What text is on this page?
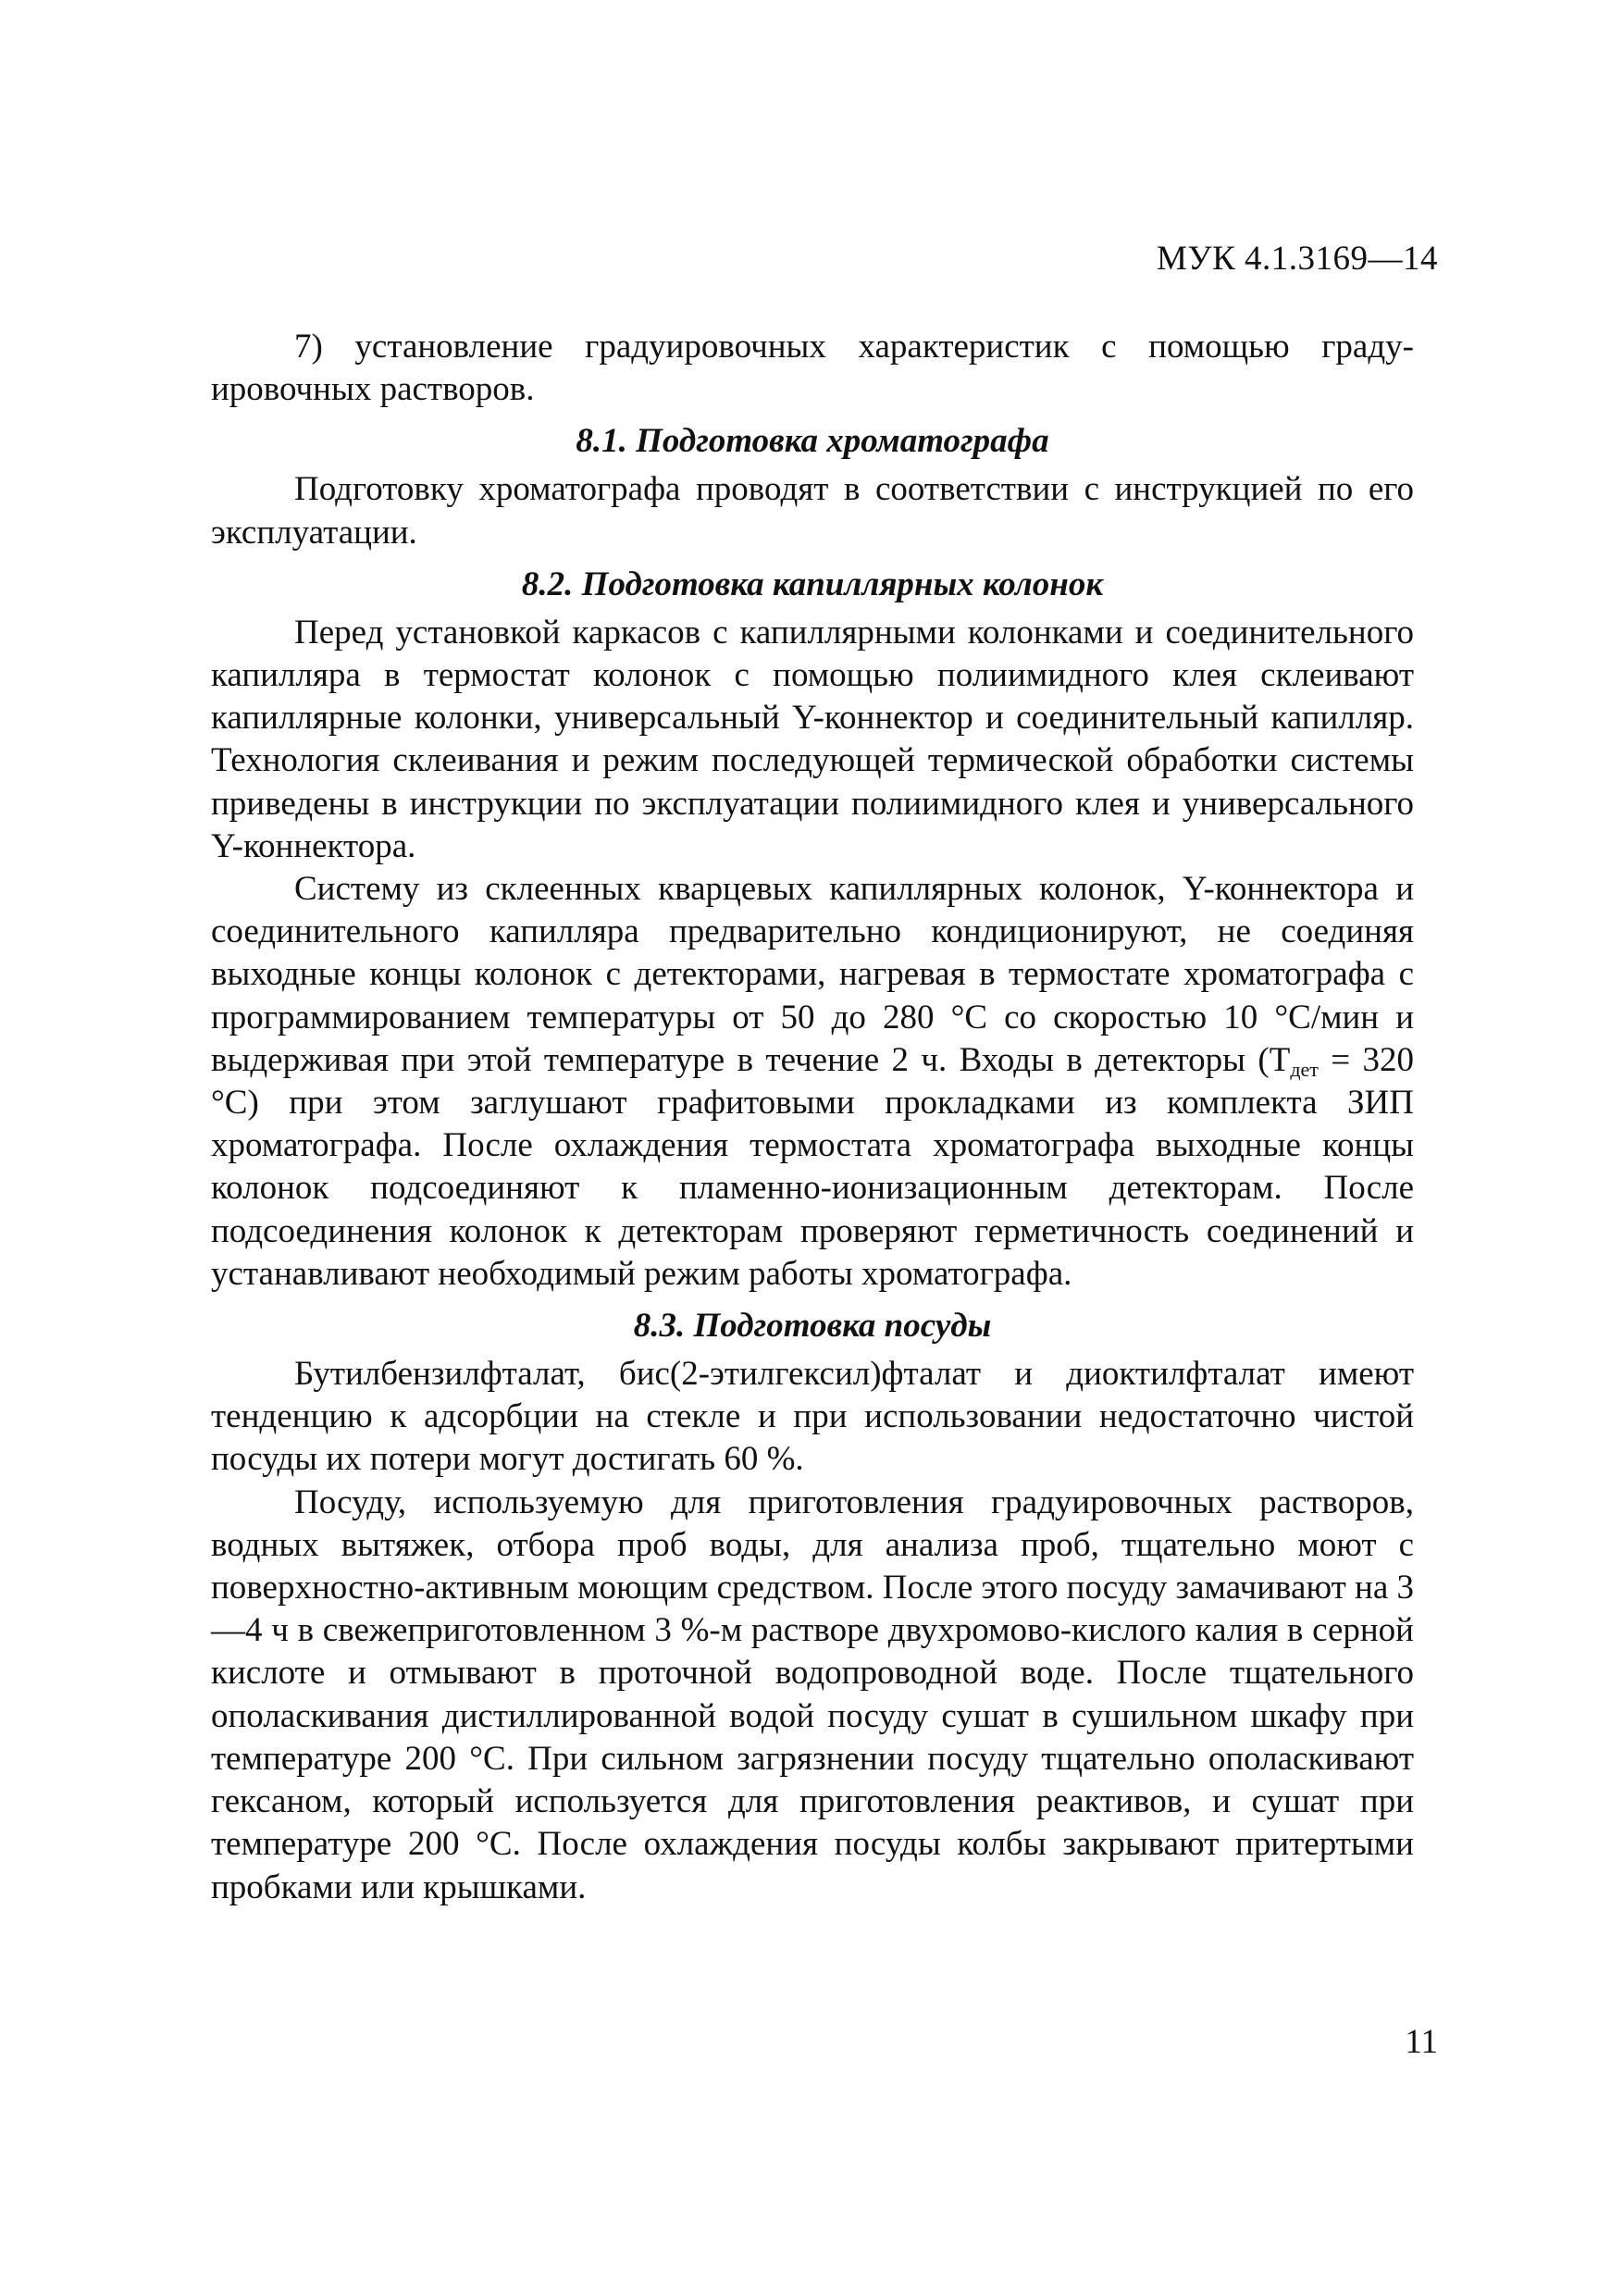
МУК 4.1.3169—14

7) установление градуировочных характеристик с помощью градуировочных растворов.

8.1. Подготовка хроматографа

Подготовку хроматографа проводят в соответствии с инструкцией по его эксплуатации.

8.2. Подготовка капиллярных колонок

Перед установкой каркасов с капиллярными колонками и соединительного капилляра в термостат колонок с помощью полиимидного клея склеивают капиллярные колонки, универсальный Y-коннектор и соединительный капилляр. Технология склеивания и режим последующей термической обработки системы приведены в инструкции по эксплуатации полиимидного клея и универсального Y-коннектора.

Систему из склеенных кварцевых капиллярных колонок, Y-коннектора и соединительного капилляра предварительно кондиционируют, не соединяя выходные концы колонок с детекторами, нагревая в термостате хроматографа с программированием температуры от 50 до 280 °С со скоростью 10 °С/мин и выдерживая при этой температуре в течение 2 ч. Входы в детекторы ($Т_{дет} = 320$ °С) при этом заглушают графитовыми прокладками из комплекта ЗИП хроматографа. После охлаждения термостата хроматографа выходные концы колонок подсоединяют к пламенно-ионизационным детекторам. После подсоединения колонок к детекторам проверяют герметичность соединений и устанавливают необходимый режим работы хроматографа.

8.3. Подготовка посуды

Бутилбензилфталат, бис(2-этилгексил)фталат и диоктилфталат имеют тенденцию к адсорбции на стекле и при использовании недостаточно чистой посуды их потери могут достигать 60 %.

Посуду, используемую для приготовления градуировочных растворов, водных вытяжек, отбора проб воды, для анализа проб, тщательно моют с поверхностно-активным моющим средством. После этого посуду замачивают на 3—4 ч в свежеприготовленном 3 %-м растворе двухромово-кислого калия в серной кислоте и отмывают в проточной водопроводной воде. После тщательного ополаскивания дистиллированной водой посуду сушат в сушильном шкафу при температуре 200 °С. При сильном загрязнении посуду тщательно ополаскивают гексаном, который используется для приготовления реактивов, и сушат при температуре 200 °С. После охлаждения посуды колбы закрывают притертыми пробками или крышками.

11
